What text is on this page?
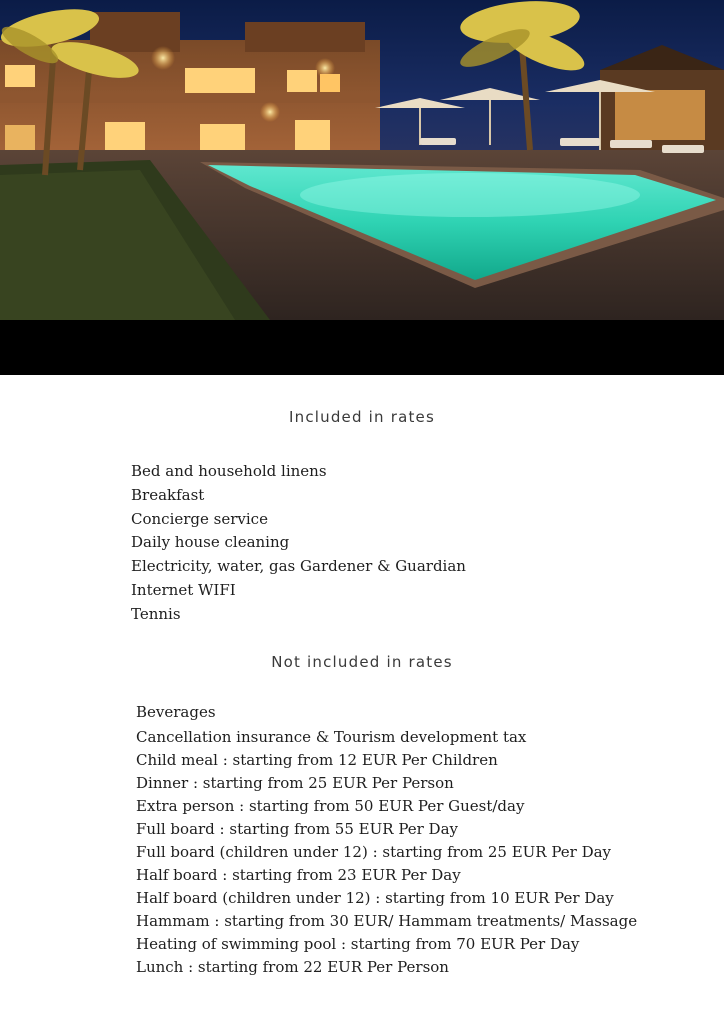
Included in rates
Bed and household linens
Breakfast
Concierge service
Daily house cleaning
Electricity, water, gas Gardener & Guardian
Internet WIFI
Tennis
Not included in rates
Beverages
Cancellation insurance & Tourism development tax
Child meal : starting from 12 EUR Per Children
Dinner : starting from 25 EUR Per Person
Extra person : starting from 50 EUR Per Guest/day
Full board : starting from 55 EUR Per Day
Full board (children under 12) : starting from 25 EUR Per Day
Half board : starting from 23 EUR Per Day
Half board (children under 12) : starting from 10 EUR Per Day
Hammam : starting from 30 EUR/ Hammam treatments/ Massage
Heating of swimming pool : starting from 70 EUR Per Day
Lunch : starting from 22 EUR Per Person
